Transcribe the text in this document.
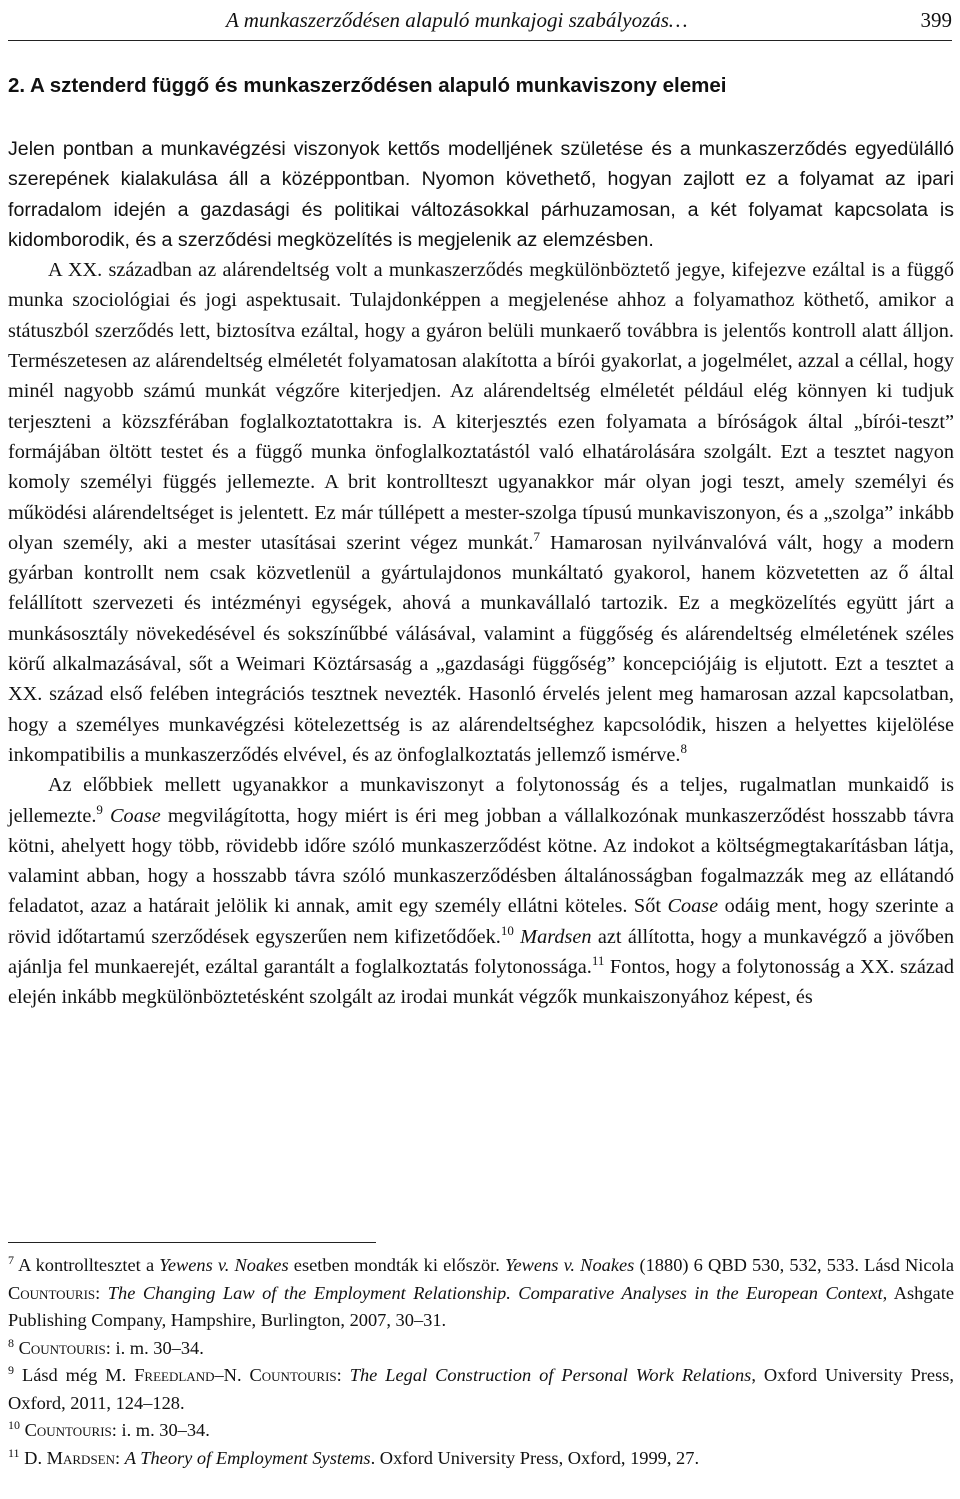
A munkaszerződésen alapuló munkajogi szabályozás…	399
2. A sztenderd függő és munkaszerződésen alapuló munkaviszony elemei

Jelen pontban a munkavégzési viszonyok kettős modelljének születése és a munkaszerződés egyedülálló szerepének kialakulása áll a középpontban. Nyomon követhető, hogyan zajlott ez a folyamat az ipari forradalom idején a gazdasági és politikai változásokkal párhuzamosan, a két folyamat kapcsolata is kidomborodik, és a szerződési megközelítés is megjelenik az elemzésben.

A XX. században az alárendeltség volt a munkaszerződés megkülönböztető jegye, kifejezve ezáltal is a függő munka szociológiai és jogi aspektusait. Tulajdonképpen a megjelenése ahhoz a folyamathoz köthető, amikor a státuszból szerződés lett, biztosítva ezáltal, hogy a gyáron belüli munkaerő továbbra is jelentős kontroll alatt álljon. Természetesen az alárendeltség elméletét folyamatosan alakította a bírói gyakorlat, a jogelmélet, azzal a céllal, hogy minél nagyobb számú munkát végzőre kiterjedjen. Az alárendeltség elméletét például elég könnyen ki tudjuk terjeszteni a közszférában foglalkoztatottakra is. A kiterjesztés ezen folyamata a bíróságok által „bírói-teszt” formájában öltött testet és a függő munka önfoglalkoztatástól való elhatárolására szolgált. Ezt a tesztet nagyon komoly személyi függés jellemezte. A brit kontrollteszt ugyanakkor már olyan jogi teszt, amely személyi és működési alárendeltséget is jelentett. Ez már túllépett a mester-szolga típusú munkaviszonyon, és a „szolga” inkább olyan személy, aki a mester utasításai szerint végez munkát.$^7$ Hamarosan nyilvánvalóvá vált, hogy a modern gyárban kontrollt nem csak közvetlenül a gyártulajdonos munkáltató gyakorol, hanem közvetetten az ő által felállított szervezeti és intézményi egységek, ahová a munkavállaló tartozik. Ez a megközelítés együtt járt a munkásosztály növekedésével és sokszínűbbé válásával, valamint a függőség és alárendeltség elméletének széles körű alkalmazásával, sőt a Weimari Köztársaság a „gazdasági függőség” koncepciójáig is eljutott. Ezt a tesztet a XX. század első felében integrációs tesztnek nevezték. Hasonló érvelés jelent meg hamarosan azzal kapcsolatban, hogy a személyes munkavégzési kötelezettség is az alárendeltséghez kapcsolódik, hiszen a helyettes kijelölése inkompatibilis a munkaszerződés elvével, és az önfoglalkoztatás jellemző ismérve.$^8$

Az előbbiek mellett ugyanakkor a munkaviszonyt a folytonosság és a teljes, rugalmatlan munkaidő is jellemezte.$^9$ Coase megvilágította, hogy miért is éri meg jobban a vállalkozónak munkaszerződést hosszabb távra kötni, ahelyett hogy több, rövidebb időre szóló munkaszerződést kötne. Az indokot a költségmegtakarításban látja, valamint abban, hogy a hosszabb távra szóló munkaszerződésben általánosságban fogalmazzák meg az ellátandó feladatot, azaz a határait jelölik ki annak, amit egy személy ellátni köteles. Sőt Coase odáig ment, hogy szerinte a rövid időtartamú szerződések egyszerűen nem kifizetődőek.$^{10}$ Mardsen azt állította, hogy a munkavégző a jövőben ajánlja fel munkaerejét, ezáltal garantált a foglalkoztatás folytonossága.$^{11}$ Fontos, hogy a folytonosság a XX. század elején inkább megkülönböztetésként szolgált az irodai munkát végzők munkaiszonyához képest, és

$^7$ A kontrolltesztet a Yewens v. Noakes esetben mondták ki először. Yewens v. Noakes (1880) 6 QBD 530, 532, 533. Lásd Nicola Countouris: The Changing Law of the Employment Relationship. Comparative Analyses in the European Context, Ashgate Publishing Company, Hampshire, Burlington, 2007, 30–31.

$^8$ Countouris: i. m. 30–34.

$^9$ Lásd még M. Freedland–N. Countouris: The Legal Construction of Personal Work Relations, Oxford University Press, Oxford, 2011, 124–128.

$^{10}$ Countouris: i. m. 30–34.

$^{11}$ D. Mardsen: A Theory of Employment Systems. Oxford University Press, Oxford, 1999, 27.
